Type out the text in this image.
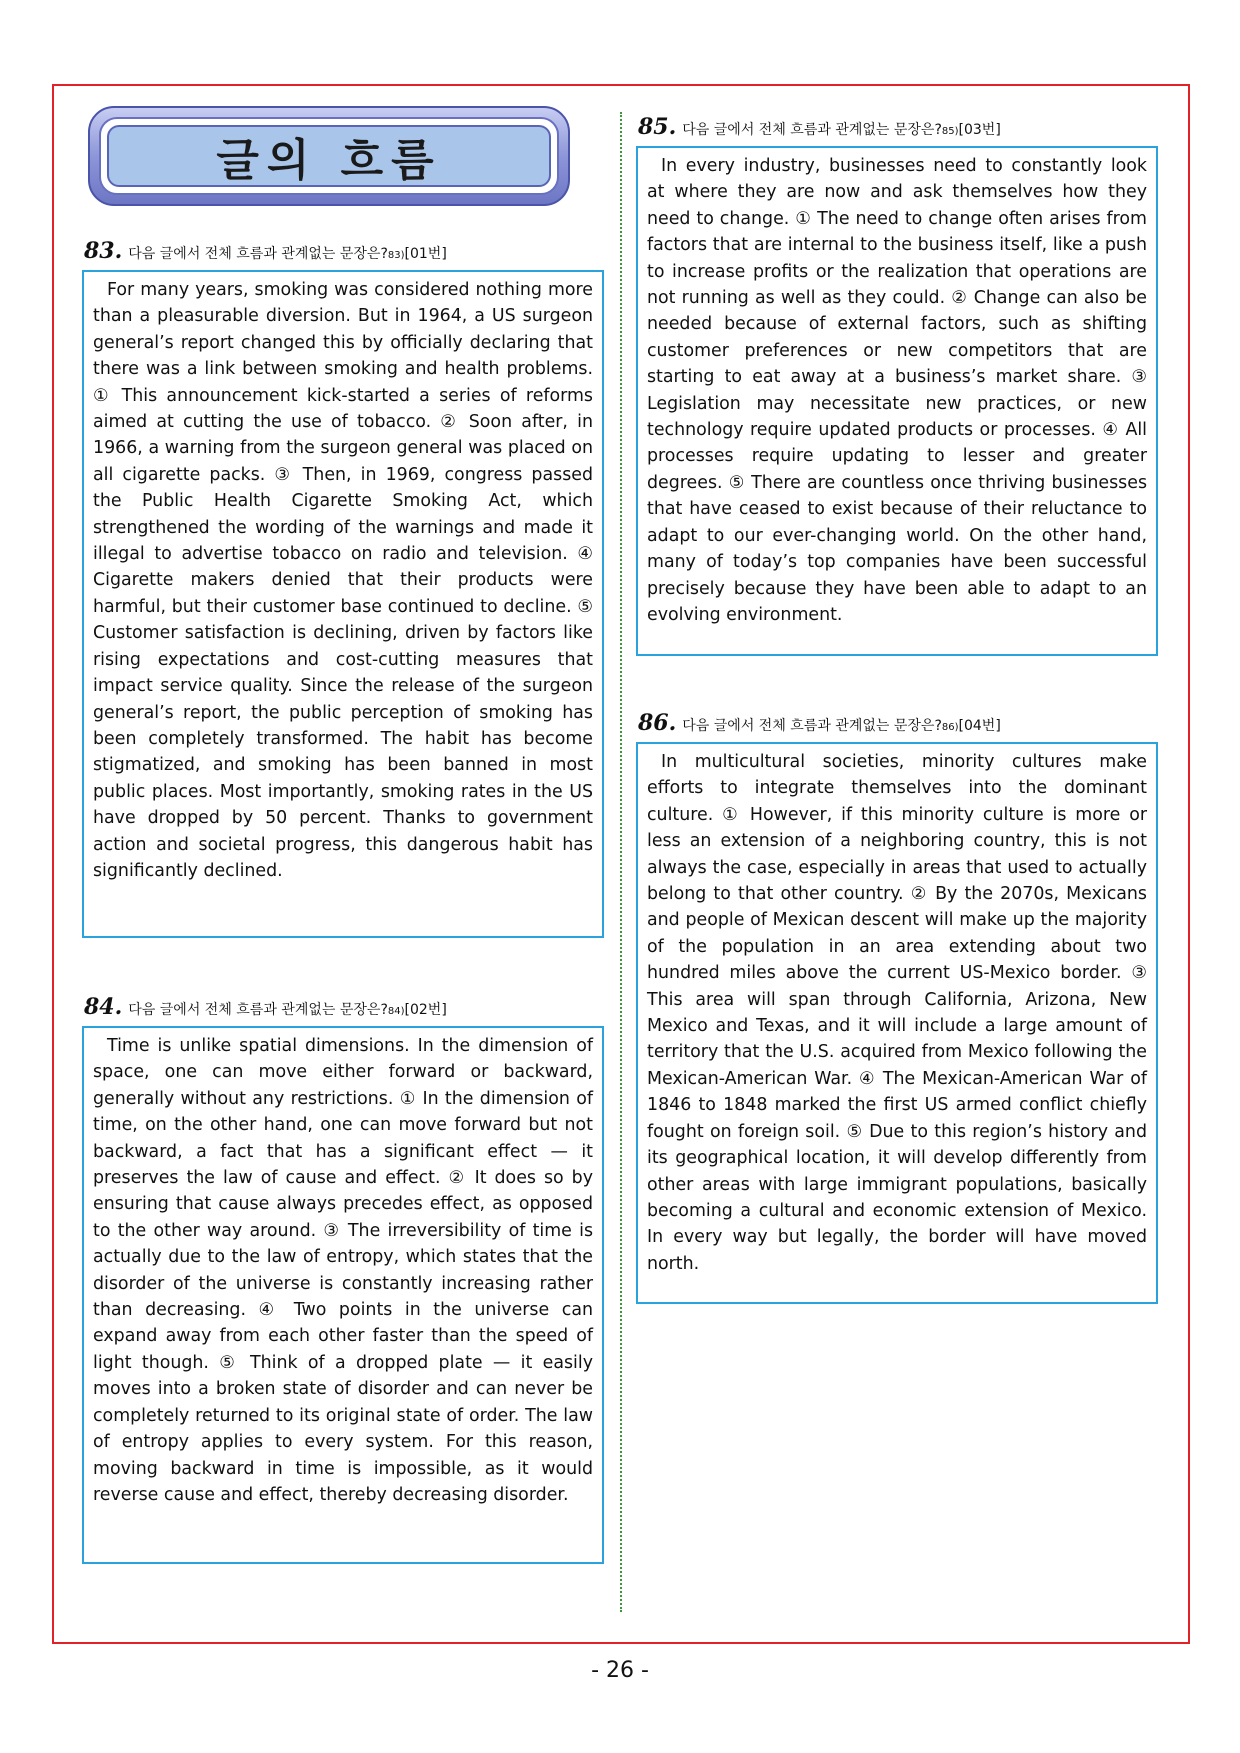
글의 흐름
83. 다음 글에서 전체 흐름과 관계없는 문장은? 83) [01번]

For many years, smoking was considered nothing more than a pleasurable diversion. But in 1964, a US surgeon general’s report changed this by officially declaring that there was a link between smoking and health problems. ① This announcement kick-started a series of reforms aimed at cutting the use of tobacco. ② Soon after, in 1966, a warning from the surgeon general was placed on all cigarette packs. ③ Then, in 1969, congress passed the Public Health Cigarette Smoking Act, which strengthened the wording of the warnings and made it illegal to advertise tobacco on radio and television. ④ Cigarette makers denied that their products were harmful, but their customer base continued to decline. ⑤ Customer satisfaction is declining, driven by factors like rising expectations and cost-cutting measures that impact service quality. Since the release of the surgeon general’s report, the public perception of smoking has been completely transformed. The habit has become stigmatized, and smoking has been banned in most public places. Most importantly, smoking rates in the US have dropped by 50 percent. Thanks to government action and societal progress, this dangerous habit has significantly declined.

84. 다음 글에서 전체 흐름과 관계없는 문장은? 84) [02번]

Time is unlike spatial dimensions. In the dimension of space, one can move either forward or backward, generally without any restrictions. ① In the dimension of time, on the other hand, one can move forward but not backward, a fact that has a significant effect — it preserves the law of cause and effect. ② It does so by ensuring that cause always precedes effect, as opposed to the other way around. ③ The irreversibility of time is actually due to the law of entropy, which states that the disorder of the universe is constantly increasing rather than decreasing. ④ Two points in the universe can expand away from each other faster than the speed of light though. ⑤ Think of a dropped plate — it easily moves into a broken state of disorder and can never be completely returned to its original state of order. The law of entropy applies to every system. For this reason, moving backward in time is impossible, as it would reverse cause and effect, thereby decreasing disorder.

85. 다음 글에서 전체 흐름과 관계없는 문장은? 85) [03번]

In every industry, businesses need to constantly look at where they are now and ask themselves how they need to change. ① The need to change often arises from factors that are internal to the business itself, like a push to increase profits or the realization that operations are not running as well as they could. ② Change can also be needed because of external factors, such as shifting customer preferences or new competitors that are starting to eat away at a business’s market share. ③ Legislation may necessitate new practices, or new technology require updated products or processes. ④ All processes require updating to lesser and greater degrees. ⑤ There are countless once thriving businesses that have ceased to exist because of their reluctance to adapt to our ever-changing world. On the other hand, many of today’s top companies have been successful precisely because they have been able to adapt to an evolving environment.

86. 다음 글에서 전체 흐름과 관계없는 문장은? 86) [04번]

In multicultural societies, minority cultures make efforts to integrate themselves into the dominant culture. ① However, if this minority culture is more or less an extension of a neighboring country, this is not always the case, especially in areas that used to actually belong to that other country. ② By the 2070s, Mexicans and people of Mexican descent will make up the majority of the population in an area extending about two hundred miles above the current US-Mexico border. ③ This area will span through California, Arizona, New Mexico and Texas, and it will include a large amount of territory that the U.S. acquired from Mexico following the Mexican-American War. ④ The Mexican-American War of 1846 to 1848 marked the first US armed conflict chiefly fought on foreign soil. ⑤ Due to this region’s history and its geographical location, it will develop differently from other areas with large immigrant populations, basically becoming a cultural and economic extension of Mexico. In every way but legally, the border will have moved north.

- 26 -
